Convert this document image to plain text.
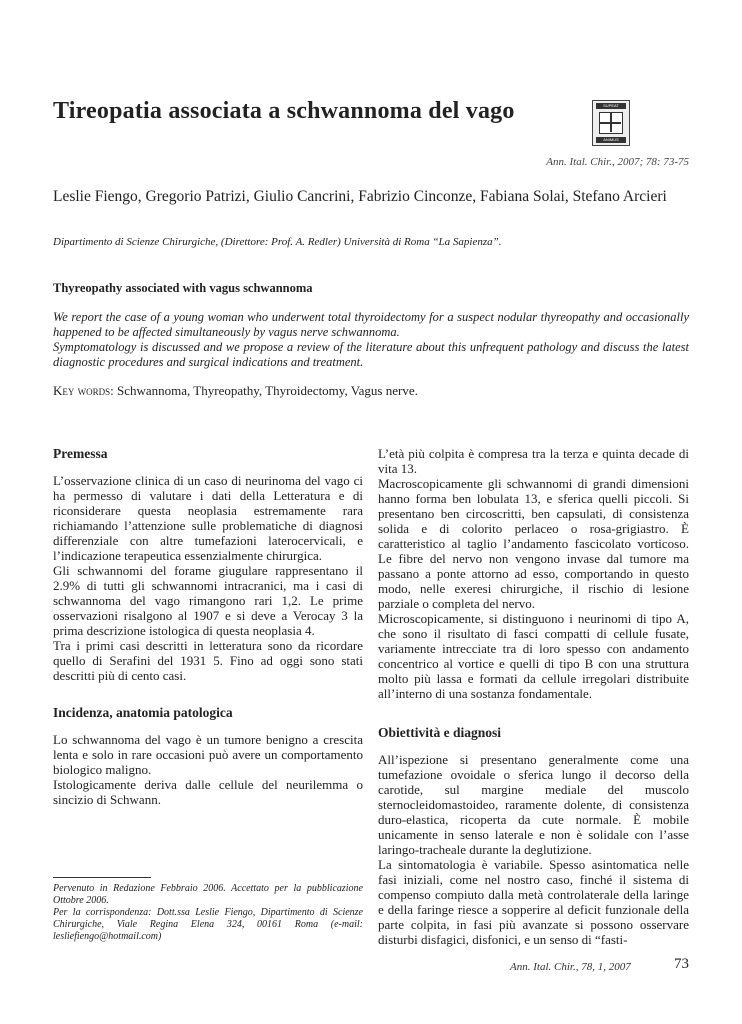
Tireopatia associata a schwannoma del vago	SUPEAT
ANIMUS
Ann. Ital. Chir., 2007; 78: 73-75
Leslie Fiengo, Gregorio Patrizi, Giulio Cancrini, Fabrizio Cinconze, Fabiana Solai, Stefano Arcieri
Dipartimento di Scienze Chirurgiche, (Direttore: Prof. A. Redler) Università di Roma “La Sapienza”.
Thyreopathy associated with vagus schwannoma

We report the case of a young woman who underwent total thyroidectomy for a suspect nodular thyreopathy and occasionally happened to be affected simultaneously by vagus nerve schwannoma.

Symptomatology is discussed and we propose a review of the literature about this unfrequent pathology and discuss the latest diagnostic procedures and surgical indications and treatment.

Key words: Schwannoma, Thyreopathy, Thyroidectomy, Vagus nerve.
Premessa

L’osservazione clinica di un caso di neurinoma del vago ci ha permesso di valutare i dati della Letteratura e di riconsiderare questa neoplasia estremamente rara richiamando l’attenzione sulle problematiche di diagnosi differenziale con altre tumefazioni laterocervicali, e l’indicazione terapeutica essenzialmente chirurgica.

Gli schwannomi del forame giugulare rappresentano il 2.9% di tutti gli schwannomi intracranici, ma i casi di schwannoma del vago rimangono rari 1,2. Le prime osservazioni risalgono al 1907 e si deve a Verocay 3 la prima descrizione istologica di questa neoplasia 4.

Tra i primi casi descritti in letteratura sono da ricordare quello di Serafini del 1931 5. Fino ad oggi sono stati descritti più di cento casi.

Incidenza, anatomia patologica

Lo schwannoma del vago è un tumore benigno a crescita lenta e solo in rare occasioni può avere un comportamento biologico maligno.

Istologicamente deriva dalle cellule del neurilemma o sincizio di Schwann.

L’età più colpita è compresa tra la terza e quinta decade di vita 13.

Macroscopicamente gli schwannomi di grandi dimensioni hanno forma ben lobulata 13, e sferica quelli piccoli. Si presentano ben circoscritti, ben capsulati, di consistenza solida e di colorito perlaceo o rosa-grigiastro. È caratteristico al taglio l’andamento fascicolato vorticoso. Le fibre del nervo non vengono invase dal tumore ma passano a ponte attorno ad esso, comportando in questo modo, nelle exeresi chirurgiche, il rischio di lesione parziale o completa del nervo.

Microscopicamente, si distinguono i neurinomi di tipo A, che sono il risultato di fasci compatti di cellule fusate, variamente intrecciate tra di loro spesso con andamento concentrico al vortice e quelli di tipo B con una struttura molto più lassa e formati da cellule irregolari distribuite all’interno di una sostanza fondamentale.

Obiettività e diagnosi

All’ispezione si presentano generalmente come una tumefazione ovoidale o sferica lungo il decorso della carotide, sul margine mediale del muscolo sternocleidomastoideo, raramente dolente, di consistenza duro-elastica, ricoperta da cute normale. È mobile unicamente in senso laterale e non è solidale con l’asse laringo-tracheale durante la deglutizione.

La sintomatologia è variabile. Spesso asintomatica nelle fasi iniziali, come nel nostro caso, finché il sistema di compenso compiuto dalla metà controlaterale della laringe e della faringe riesce a sopperire al deficit funzionale della parte colpita, in fasi più avanzate si possono osservare disturbi disfagici, disfonici, e un senso di “fasti-

Pervenuto in Redazione Febbraio 2006. Accettato per la pubblicazione Ottobre 2006.

Per la corrispondenza: Dott.ssa Leslie Fiengo, Dipartimento di Scienze Chirurgiche, Viale Regina Elena 324, 00161 Roma (e-mail: lesliefiengo@hotmail.com)

Ann. Ital. Chir., 78, 1, 2007	73
